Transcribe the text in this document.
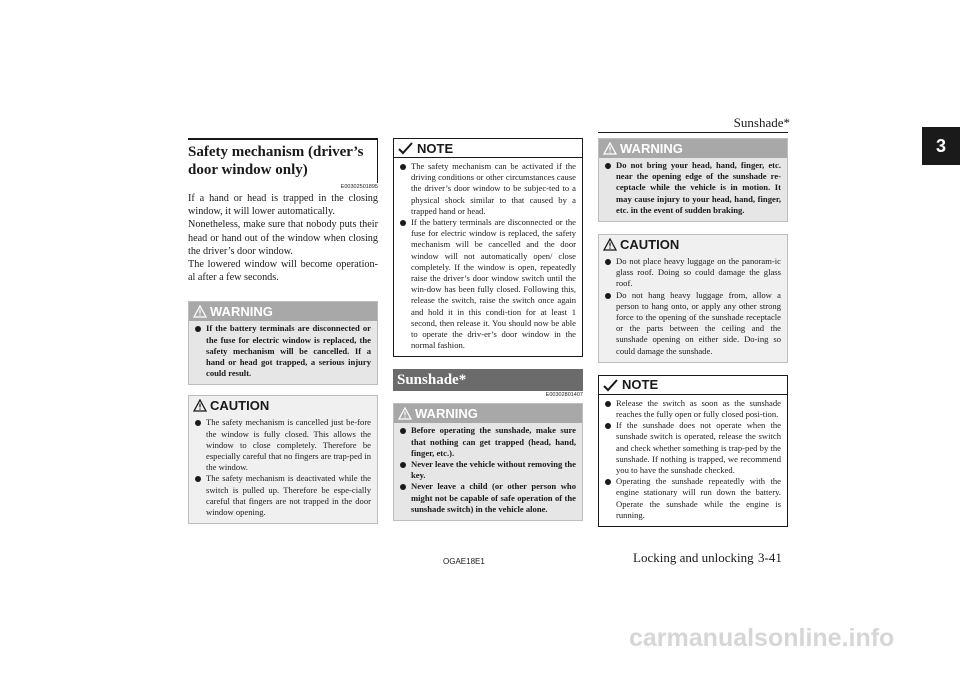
Sunshade*
3
Safety mechanism (driver’s door window only)
E00302501895

If a hand or head is trapped in the closing window, it will lower automatically.

Nonetheless, make sure that nobody puts their head or hand out of the window when closing the driver’s door window.

The lowered window will become operation-al after a few seconds.

WARNING
If the battery terminals are disconnected or the fuse for electric window is replaced, the safety mechanism will be cancelled. If a hand or head got trapped, a serious injury could result.
CAUTION
The safety mechanism is cancelled just be-fore the window is fully closed. This allows the window to close completely. Therefore be especially careful that no fingers are trap-ped in the window.
The safety mechanism is deactivated while the switch is pulled up. Therefore be espe-cially careful that fingers are not trapped in the door window opening.
NOTE
The safety mechanism can be activated if the driving conditions or other circumstances cause the driver’s door window to be subjec-ted to a physical shock similar to that caused by a trapped hand or head.
If the battery terminals are disconnected or the fuse for electric window is replaced, the safety mechanism will be cancelled and the door window will not automatically open/ close completely. If the window is open, repeatedly raise the driver’s door window switch until the win-dow has been fully closed. Following this, release the switch, raise the switch once again and hold it in this condi-tion for at least 1 second, then release it. You should now be able to operate the driv-er’s door window in the normal fashion.
Sunshade*
E00302801407
WARNING
Before operating the sunshade, make sure that nothing can get trapped (head, hand, finger, etc.).
Never leave the vehicle without removing the key.
Never leave a child (or other person who might not be capable of safe operation of the sunshade switch) in the vehicle alone.
WARNING
Do not bring your head, hand, finger, etc. near the opening edge of the sunshade re-ceptacle while the vehicle is in motion. It may cause injury to your head, hand, finger, etc. in the event of sudden braking.
CAUTION
Do not place heavy luggage on the panoram-ic glass roof. Doing so could damage the glass roof.
Do not hang heavy luggage from, allow a person to hang onto, or apply any other strong force to the opening of the sunshade receptacle or the parts between the ceiling and the sunshade opening on either side. Do-ing so could damage the sunshade.
NOTE
Release the switch as soon as the sunshade reaches the fully open or fully closed posi-tion.
If the sunshade does not operate when the sunshade switch is operated, release the switch and check whether something is trap-ped by the sunshade. If nothing is trapped, we recommend you to have the sunshade checked.
Operating the sunshade repeatedly with the engine stationary will run down the battery. Operate the sunshade while the engine is running.
OGAE18E1	Locking and unlocking 3-41
carmanualsonline.info
